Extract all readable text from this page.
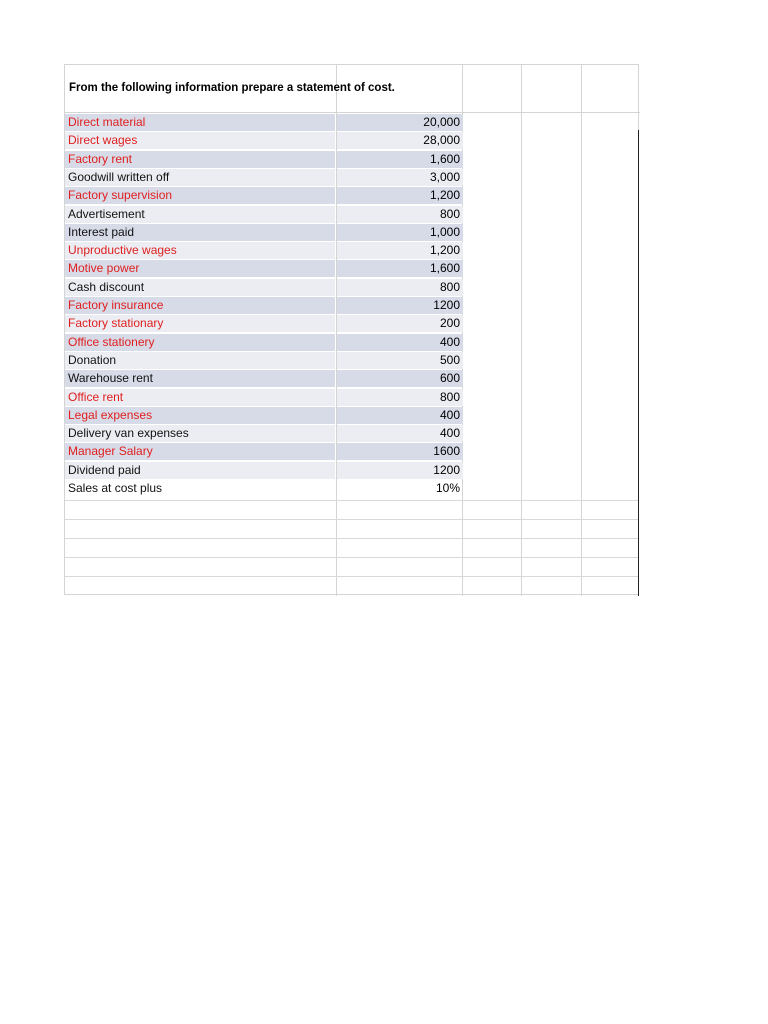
From the following information prepare a statement of cost.
Direct material	20,000
Direct wages	28,000
Factory rent	1,600
Goodwill written off	3,000
Factory supervision	1,200
Advertisement	800
Interest paid	1,000
Unproductive wages	1,200
Motive power	1,600
Cash discount	800
Factory insurance	1200
Factory stationary	200
Office stationery	400
Donation	500
Warehouse rent	600
Office rent	800
Legal expenses	400
Delivery van expenses	400
Manager Salary	1600
Dividend paid	1200
Sales at cost plus	10%
